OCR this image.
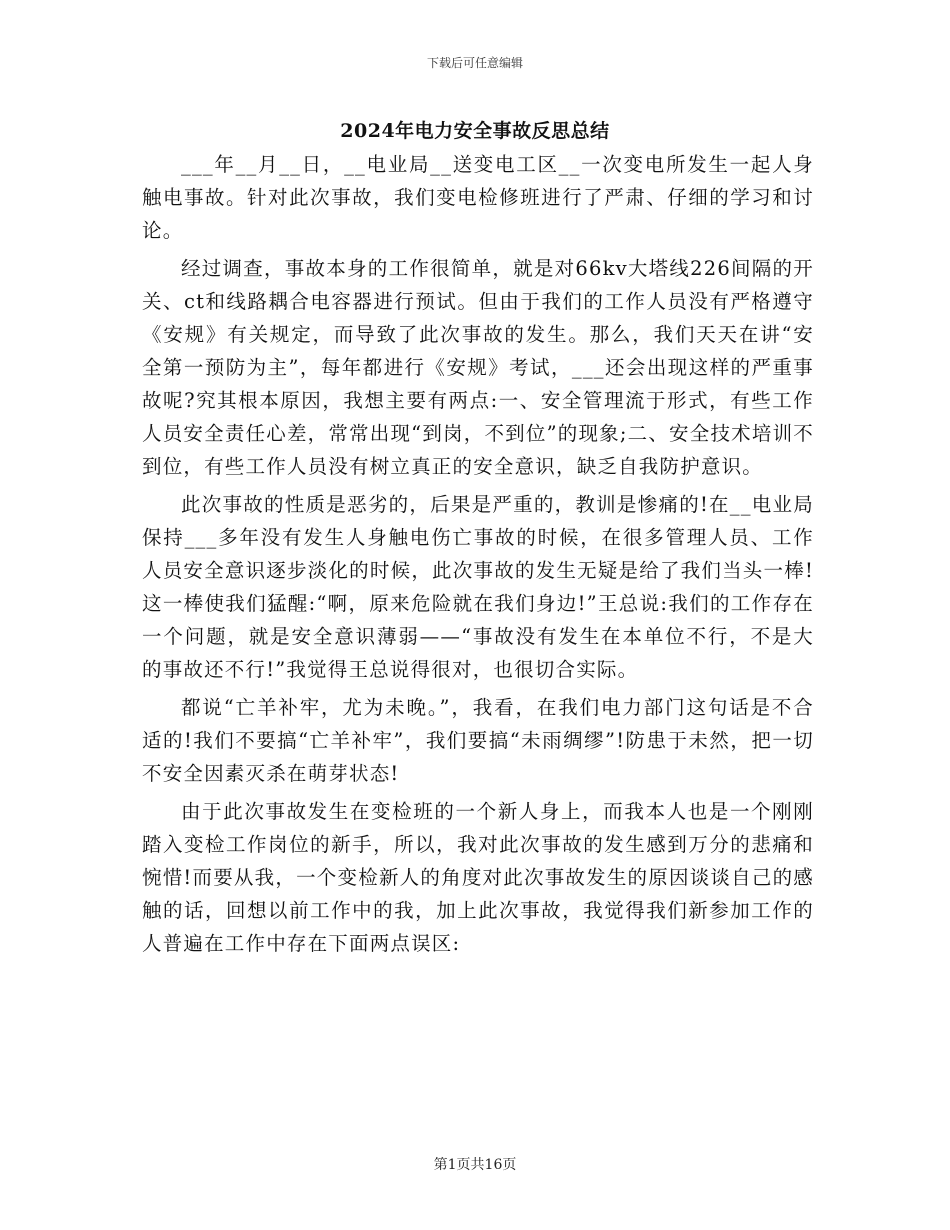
下载后可任意编辑
2024年电力安全事故反思总结

___年__月__日，__电业局__送变电工区__一次变电所发生一起人身触电事故。针对此次事故，我们变电检修班进行了严肃、仔细的学习和讨论。

经过调查，事故本身的工作很简单，就是对66kv大塔线226间隔的开关、ct和线路耦合电容器进行预试。但由于我们的工作人员没有严格遵守《安规》有关规定，而导致了此次事故的发生。那么，我们天天在讲“安全第一预防为主”，每年都进行《安规》考试，___还会出现这样的严重事故呢?究其根本原因，我想主要有两点:一、安全管理流于形式，有些工作人员安全责任心差，常常出现“到岗，不到位”的现象;二、安全技术培训不到位，有些工作人员没有树立真正的安全意识，缺乏自我防护意识。

此次事故的性质是恶劣的，后果是严重的，教训是惨痛的!在__电业局保持___多年没有发生人身触电伤亡事故的时候，在很多管理人员、工作人员安全意识逐步淡化的时候，此次事故的发生无疑是给了我们当头一棒!这一棒使我们猛醒:“啊，原来危险就在我们身边!”王总说:我们的工作存在一个问题，就是安全意识薄弱——“事故没有发生在本单位不行，不是大的事故还不行!”我觉得王总说得很对，也很切合实际。

都说“亡羊补牢，尤为未晚。”，我看，在我们电力部门这句话是不合适的!我们不要搞“亡羊补牢”，我们要搞“未雨绸缪”!防患于未然，把一切不安全因素灭杀在萌芽状态!

由于此次事故发生在变检班的一个新人身上，而我本人也是一个刚刚踏入变检工作岗位的新手，所以，我对此次事故的发生感到万分的悲痛和惋惜!而要从我，一个变检新人的角度对此次事故发生的原因谈谈自己的感触的话，回想以前工作中的我，加上此次事故，我觉得我们新参加工作的人普遍在工作中存在下面两点误区:

第1页共16页
